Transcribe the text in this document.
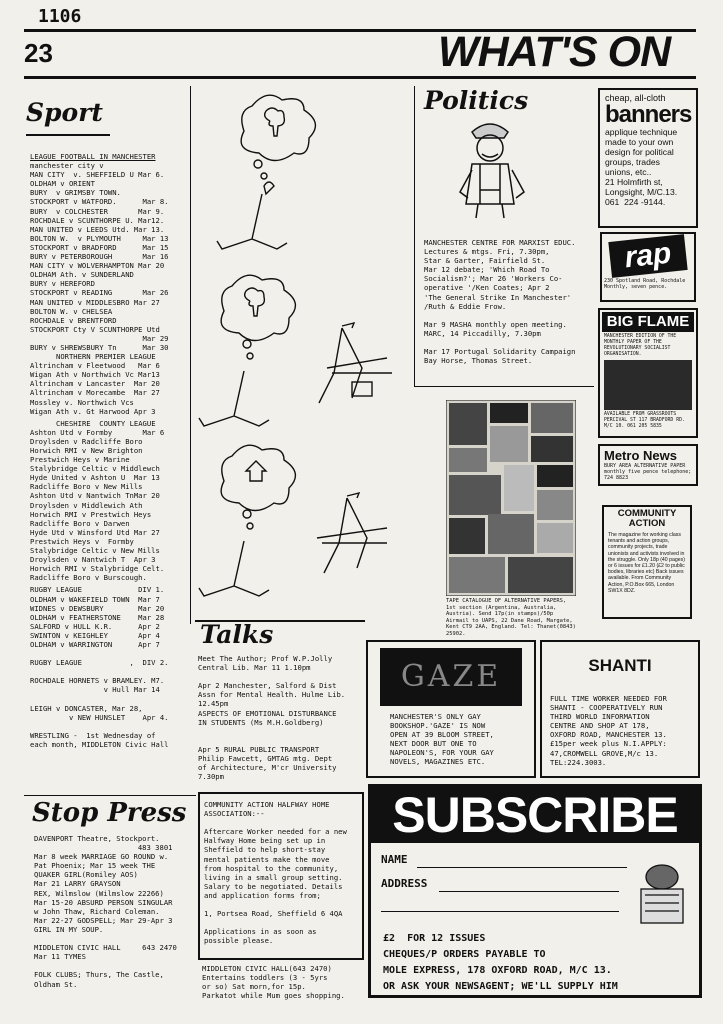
1106
23	WHAT'S ON
Sport
LEAGUE FOOTBALL IN MANCHESTER
manchester city v
MAN CITY  v. SHEFFIELD U Mar 6.
OLDHAM v ORIENT
BURY  v GRIMSBY TOWN.
STOCKPORT v WATFORD.      Mar 8.
BURY  v COLCHESTER       Mar 9.
ROCHDALE v SCUNTHORPE U. Mar12.
MAN UNITED v LEEDS Utd. Mar 13.
BOLTON W.  v PLYMOUTH     Mar 13
STOCKPORT v BRADFORD      Mar 15
BURY v PETERBOROUGH       Mar 16
MAN CITY v WOLVERHAMPTON Mar 20
OLDHAM Ath. v SUNDERLAND
BURY v HEREFORD
STOCKPORT v READING       Mar 26
MAN UNITED v MIDDLESBRO Mar 27
BOLTON W. v CHELSEA
ROCHDALE v BRENTFORD
STOCKPORT Cty V SCUNTHORPE Utd
Mar 29
BURY v SHREWSBURY Tn      Mar 30
NORTHERN PREMIER LEAGUE
Altrincham v Fleetwood   Mar 6
Wigan Ath v Northwich Vc Mar13
Altrincham v Lancaster  Mar 20
Altrincham v Morecambe  Mar 27
Mossley v. Northwich Vcs
Wigan Ath v. Gt Harwood Apr 3
CHESHIRE  COUNTY LEAGUE
Ashton Utd v Formby       Mar 6
Droylsden v Radcliffe Boro
Horwich RMI v New Brighton
Prestwich Heys v Marine
Stalybridge Celtic v Middlewch
Hyde United v Ashton U  Mar 13
Radcliffe Boro v New Mills
Ashton Utd v Nantwich TnMar 20
Droylsden v Middlewich Ath
Horwich RMI v Prestwich Heys
Radcliffe Boro v Darwen
Hyde Utd v Winsford Utd Mar 27
Prestwich Heys v  Formby
Stalybridge Celtic v New Mills
Droylsden v Nantwich T  Apr 3
Horwich RMI v Stalybridge Celt.
Radcliffe Boro v Burscough.
RUGBY LEAGUE             DIV 1.
OLDHAM v WAKEFIELD TOWN  Mar 7
WIDNES v DEWSBURY        Mar 20
OLDHAM v FEATHERSTONE    Mar 28
SALFORD v HULL K.R.      Apr 2
SWINTON v KEIGHLEY       Apr 4
OLDHAM v WARRINGTON      Apr 7

RUGBY LEAGUE           ,  DIV 2.

ROCHDALE HORNETS v BRAMLEY. M7.
v Hull Mar 14

LEIGH v DONCASTER, Mar 28,
v NEW HUNSLET    Apr 4.

WRESTLING -  1st Wednesday of
each month, MIDDLETON Civic Hall
Politics
MANCHESTER CENTRE FOR MARXIST EDUC.
Lectures & mtgs. Fri, 7.30pm,
Star & Garter, Fairfield St.
Mar 12 debate; 'Which Road To
Socialism?'; Mar 26 'Workers Co-
operative '/Ken Coates; Apr 2
'The General Strike In Manchester'
/Ruth & Eddie Frow.

Mar 9 MASHA monthly open meeting.
MARC, 14 Piccadilly, 7.30pm

Mar 17 Portugal Solidarity Campaign
Bay Horse, Thomas Street.
TAPE CATALOGUE OF ALTERNATIVE PAPERS, 1st section (Argentina, Australia, Austria). Send 17p(in stamps)/50p Airmail to UAPS, 22 Dane Road, Margate, Kent CT9 2AA, England. Tel: Thanet(0843) 25902.
cheap, all-cloth
banners
applique technique
made to your own
design for political
groups, trades
unions, etc..
21 Holmfirth st,
Longsight, M/C.13.
061  224 -9144.
rap
230 Spotland Road, Rochdale Monthly, seven pence.
BIG FLAME
MANCHESTER EDITION OF THE MONTHLY PAPER OF THE REVOLUTIONARY SOCIALIST ORGANISATION.
AVAILABLE FROM GRASSROOTS PERCIVAL ST 117 BRADFORD RD. M/C 10. 061 205 5835
Metro News
BURY AREA ALTERNATIVE PAPER monthly five pence telephone; 724 8823
COMMUNITY ACTION
The magazine for working class tenants and action groups, community projects, trade unionists and activists involved in the struggle. Only 18p (40 pages) or 6 issues for £1.20 (£2 to public bodies, libraries etc) Back issues available. From Community Action, P.O.Box 665, London SW1X 8DZ.
Talks
Meet The Author; Prof W.P.Jolly
Central Lib. Mar 11 1.10pm

Apr 2 Manchester, Salford & Dist
Assn for Mental Health. Hulme Lib.
12.45pm
ASPECTS OF EMOTIONAL DISTURBANCE
IN STUDENTS (Ms M.H.Goldberg)

Apr 5 RURAL PUBLIC TRANSPORT
Philip Fawcett, GMTAG mtg. Dept
of Architecture, M'cr University
7.30pm
GAZE
MANCHESTER'S ONLY GAY
BOOKSHOP.'GAZE' IS NOW
OPEN AT 39 BLOOM STREET,
NEXT DOOR BUT ONE TO
NAPOLEON'S, FOR YOUR GAY
NOVELS, MAGAZINES ETC.
SHANTI
FULL TIME WORKER NEEDED FOR
SHANTI - COOPERATIVELY RUN
THIRD WORLD INFORMATION
CENTRE AND SHOP AT 178,
OXFORD ROAD, MANCHESTER 13.
£15per week plus N.I.APPLY:
47,CROMWELL GROVE,M/c 13.
TEL:224.3003.
Stop Press
DAVENPORT Theatre, Stockport.
483 3801
Mar 8 week MARRIAGE GO ROUND w.
Pat Phoenix; Mar 15 week THE
QUAKER GIRL(Romiley AOS)
Mar 21 LARRY GRAYSON
REX, Wilmslow (Wilmslow 22266)
Mar 15-20 ABSURD PERSON SINGULAR
w John Thaw, Richard Coleman.
Mar 22-27 GODSPELL; Mar 29-Apr 3
GIRL IN MY SOUP.

MIDDLETON CIVIC HALL     643 2470
Mar 11 TYMES

FOLK CLUBS; Thurs, The Castle,
Oldham St.
COMMUNITY ACTION HALFWAY HOME
ASSOCIATION:--

Aftercare Worker needed for a new
Halfway Home being set up in
Sheffield to help short-stay
mental patients make the move
from hospital to the community,
living in a small group setting.
Salary to be negotiated. Details
and application forms from;

1, Portsea Road, Sheffield 6 4QA

Applications in as soon as
possible please.
MIDDLETON CIVIC HALL(643 2470)
Entertains toddlers (3 - 5yrs
or so) Sat morn,for 15p.
Parkatot while Mum goes shopping.
SUBSCRIBE
NAME
ADDRESS
£2  FOR 12 ISSUES
CHEQUES/P ORDERS PAYABLE TO
MOLE EXPRESS, 178 OXFORD ROAD, M/C 13.
OR ASK YOUR NEWSAGENT; WE'LL SUPPLY HIM
